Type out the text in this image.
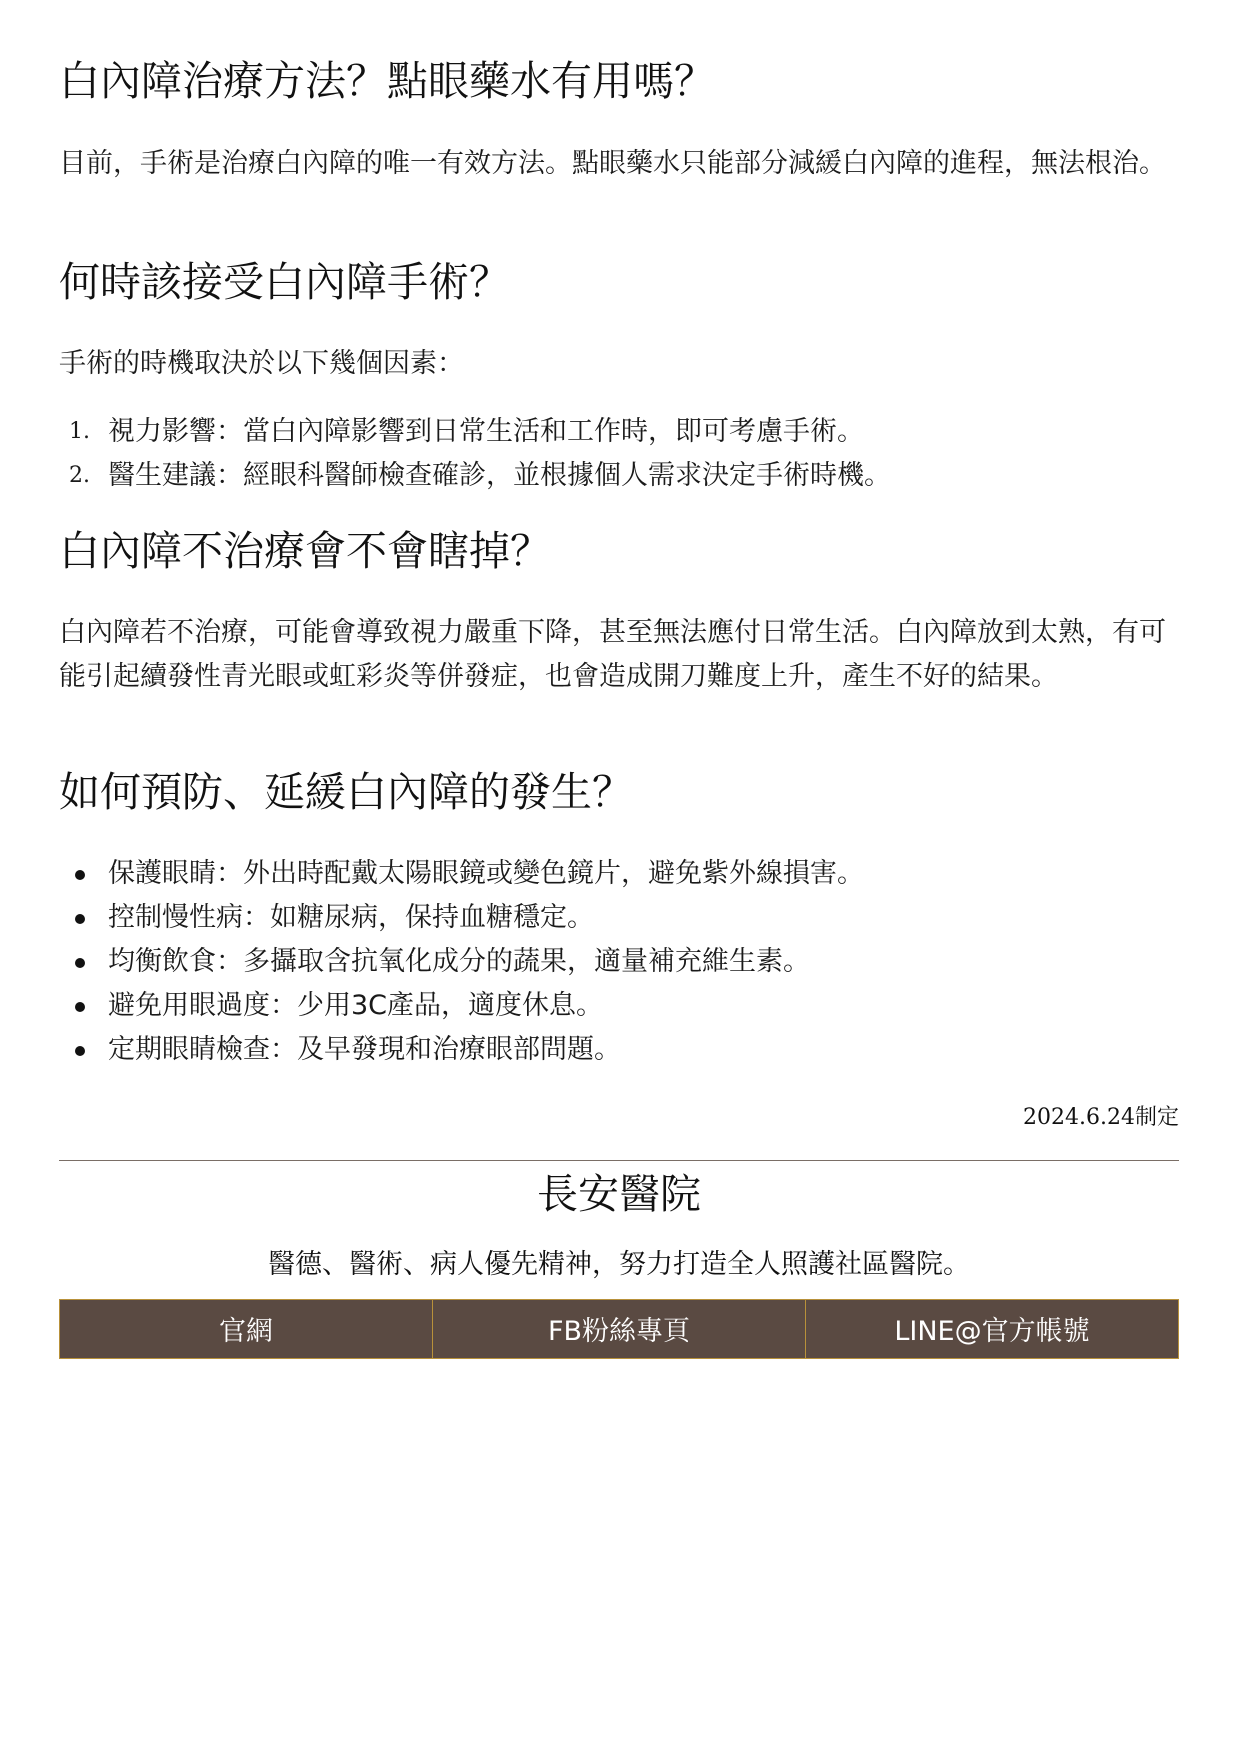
白內障治療方法？點眼藥水有用嗎？

目前，手術是治療白內障的唯一有效方法。點眼藥水只能部分減緩白內障的進程，無法根治。

何時該接受白內障手術？

手術的時機取決於以下幾個因素：

1. 視力影響：當白內障影響到日常生活和工作時，即可考慮手術。
2. 醫生建議：經眼科醫師檢查確診，並根據個人需求決定手術時機。
白內障不治療會不會瞎掉？

白內障若不治療，可能會導致視力嚴重下降，甚至無法應付日常生活。白內障放到太熟，有可能引起續發性青光眼或虹彩炎等併發症，也會造成開刀難度上升，產生不好的結果。

如何預防、延緩白內障的發生？
保護眼睛：外出時配戴太陽眼鏡或變色鏡片，避免紫外線損害。
控制慢性病：如糖尿病，保持血糖穩定。
均衡飲食：多攝取含抗氧化成分的蔬果，適量補充維生素。
避免用眼過度：少用3C產品，適度休息。
定期眼睛檢查：及早發現和治療眼部問題。
2024.6.24制定
長安醫院
醫德、醫術、病人優先精神，努力打造全人照護社區醫院。
官網	FB粉絲專頁	LINE@官方帳號
